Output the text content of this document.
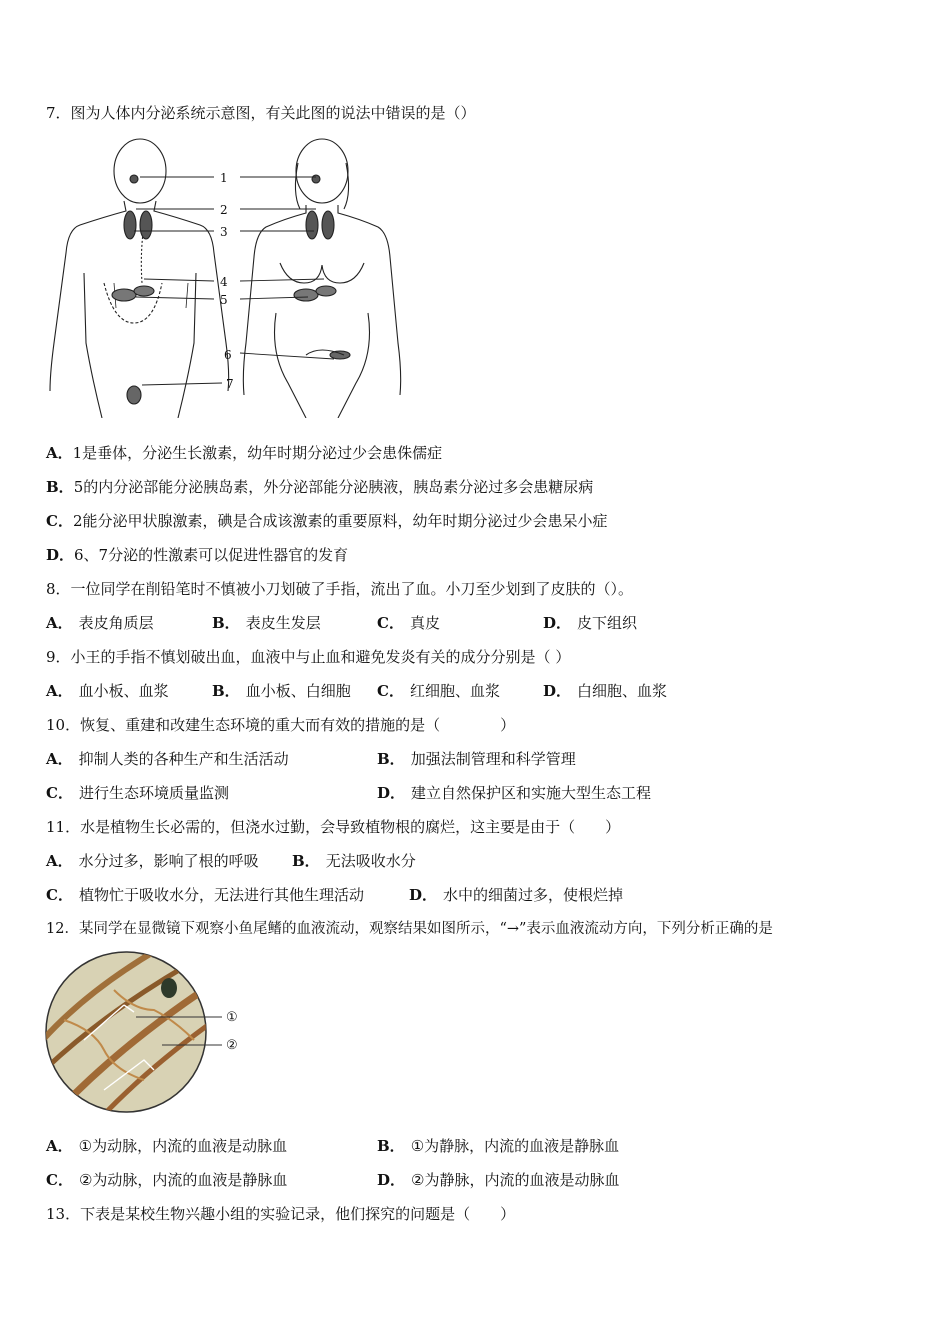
7．图为人体内分泌系统示意图，有关此图的说法中错误的是（）
1
2
3
4
5
6
7
A．1是垂体，分泌生长激素，幼年时期分泌过少会患侏儒症
B．5的内分泌部能分泌胰岛素，外分泌部能分泌胰液，胰岛素分泌过多会患糖尿病
C．2能分泌甲状腺激素，碘是合成该激素的重要原料，幼年时期分泌过少会患呆小症
D．6、7分泌的性激素可以促进性器官的发育
8．一位同学在削铅笔时不慎被小刀划破了手指，流出了血。小刀至少划到了皮肤的（）。
A． 表皮角质层	B． 表皮生发层	C． 真皮	D． 皮下组织
9．小王的手指不慎划破出血，血液中与止血和避免发炎有关的成分分别是（ ）
A． 血小板、血浆	B． 血小板、白细胞 C． 红细胞、血浆	D． 白细胞、血浆
10．恢复、重建和改建生态环境的重大而有效的措施的是（　　　　）
A． 抑制人类的各种生产和生活活动	B． 加强法制管理和科学管理
C． 进行生态环境质量监测	D． 建立自然保护区和实施大型生态工程
11．水是植物生长必需的，但浇水过勤，会导致植物根的腐烂，这主要是由于（　　）
A． 水分过多，影响了根的呼吸 B． 无法吸收水分
C． 植物忙于吸收水分，无法进行其他生理活动	D． 水中的细菌过多，使根烂掉
12．某同学在显微镜下观察小鱼尾鳍的血液流动，观察结果如图所示，“→”表示血液流动方向，下列分析正确的是
①
②
A． ①为动脉，内流的血液是动脉血	B． ①为静脉，内流的血液是静脉血
C． ②为动脉，内流的血液是静脉血	D． ②为静脉，内流的血液是动脉血
13．下表是某校生物兴趣小组的实验记录，他们探究的问题是（　　）
